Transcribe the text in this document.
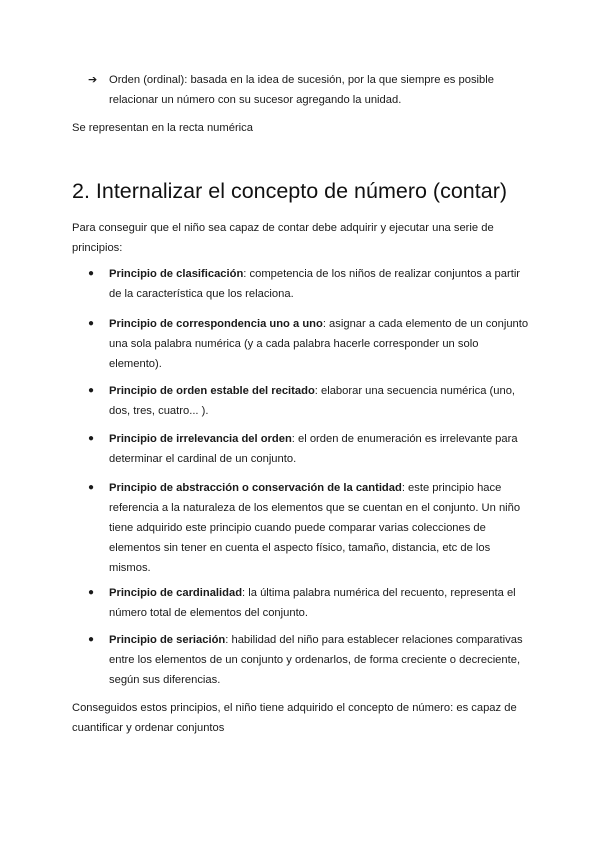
➔ Orden (ordinal): basada en la idea de sucesión, por la que siempre es posible relacionar un número con su sucesor agregando la unidad.
Se representan en la recta numérica
2. Internalizar el concepto de número (contar)
Para conseguir que el niño sea capaz de contar debe adquirir y ejecutar una serie de principios:
● Principio de clasificación: competencia de los niños de realizar conjuntos a partir de la característica que los relaciona.
● Principio de correspondencia uno a uno: asignar a cada elemento de un conjunto una sola palabra numérica (y a cada palabra hacerle corresponder un solo elemento).
● Principio de orden estable del recitado: elaborar una secuencia numérica (uno, dos, tres, cuatro... ).
● Principio de irrelevancia del orden: el orden de enumeración es irrelevante para determinar el cardinal de un conjunto.
● Principio de abstracción o conservación de la cantidad: este principio hace referencia a la naturaleza de los elementos que se cuentan en el conjunto. Un niño tiene adquirido este principio cuando puede comparar varias colecciones de elementos sin tener en cuenta el aspecto físico, tamaño, distancia, etc de los mismos.
● Principio de cardinalidad: la última palabra numérica del recuento, representa el número total de elementos del conjunto.
● Principio de seriación: habilidad del niño para establecer relaciones comparativas entre los elementos de un conjunto y ordenarlos, de forma creciente o decreciente, según sus diferencias.
Conseguidos estos principios, el niño tiene adquirido el concepto de número: es capaz de cuantificar y ordenar conjuntos
